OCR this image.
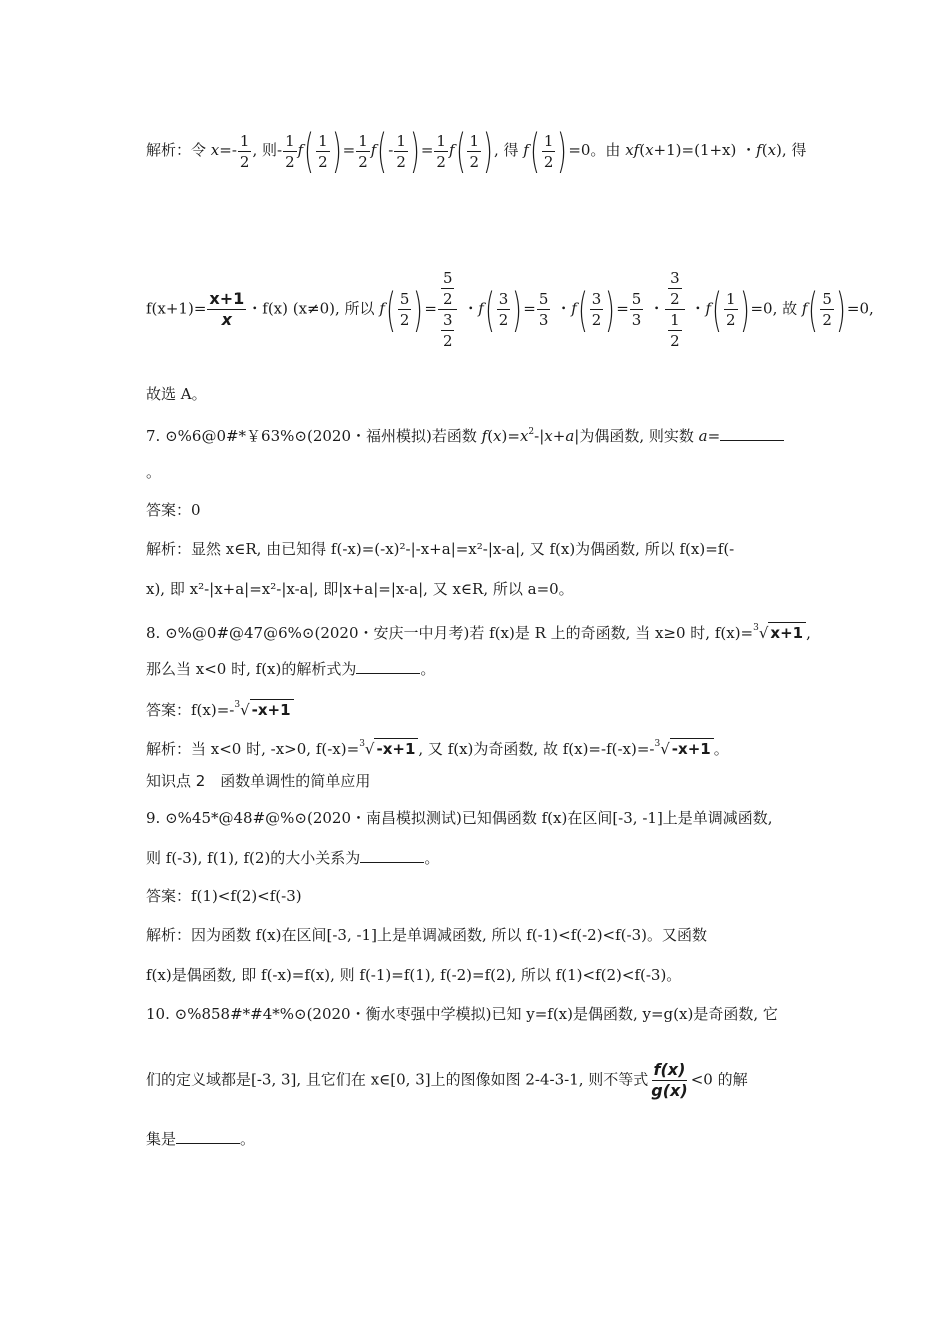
解析：令 $x=- \frac{1}{2}$ , 则- $\frac{1}{2} f( \frac{1}{2}$ )= $\frac{1}{2} f(- \frac{1}{2}$ )= $\frac{1}{2} f( \frac{1}{2}$ ), 得 $f( \frac{1}{2} )=0$。由 xf(x+1)=(1+x) ・f(x), 得
$f(x+1)= \frac{x+1}{x}$ ・f(x) (x≠0), 所以 $f( \frac{5}{2}$ )= $\frac{\frac{5}{2}}{\frac{3}{2}}$ ・$f( \frac{3}{2}$ )= $\frac{5}{3}$ ・$f( \frac{3}{2}$ )= $\frac{5}{3}$ ・ $\frac{\frac{3}{2}}{\frac{1}{2}}$ ・$f( \frac{1}{2} )=0$, 故 $f( \frac{5}{2} )=0$,
故选 A。
7. ⊙%6@0#*￥63%⊙(2020・福州模拟)若函数 $f(x)=x^2-|x+a|$为偶函数, 则实数 a=
。
答案：0
解析：显然 x∈R, 由已知得 f(-x)=(-x)²-|-x+a|=x²-|x-a|, 又 f(x)为偶函数, 所以 f(x)=f(-
x), 即 x²-|x+a|=x²-|x-a|, 即|x+a|=|x-a|, 又 x∈R, 所以 a=0。
8. ⊙%@0#@47@6%⊙(2020・安庆一中月考)若 f(x)是 R 上的奇函数, 当 x≥0 时, f(x)=$^3$√ x+1 ,
那么当 x<0 时, f(x)的解析式为	。
答案：f(x)=-$^3$√ -x+1
解析：当 x<0 时, -x>0, f(-x)=$^3$√ -x+1 , 又 f(x)为奇函数, 故 f(x)=-f(-x)=-$^3$√ -x+1 。
知识点 2　函数单调性的简单应用
9. ⊙%45*@48#@%⊙(2020・南昌模拟测试)已知偶函数 f(x)在区间[-3, -1]上是单调减函数,
则 f(-3), f(1), f(2)的大小关系为	。
答案：f(1)<f(2)<f(-3)
解析：因为函数 f(x)在区间[-3, -1]上是单调减函数, 所以 f(-1)<f(-2)<f(-3)。又函数
f(x)是偶函数, 即 f(-x)=f(x), 则 f(-1)=f(1), f(-2)=f(2), 所以 f(1)<f(2)<f(-3)。
10. ⊙%858#*#4*%⊙(2020・衡水枣强中学模拟)已知 y=f(x)是偶函数, y=g(x)是奇函数, 它
们的定义域都是[-3, 3], 且它们在 x∈[0, 3]上的图像如图 2-4-3-1, 则不等式 $\frac{f(x)}{g(x)} <0$ 的解
集是	。
